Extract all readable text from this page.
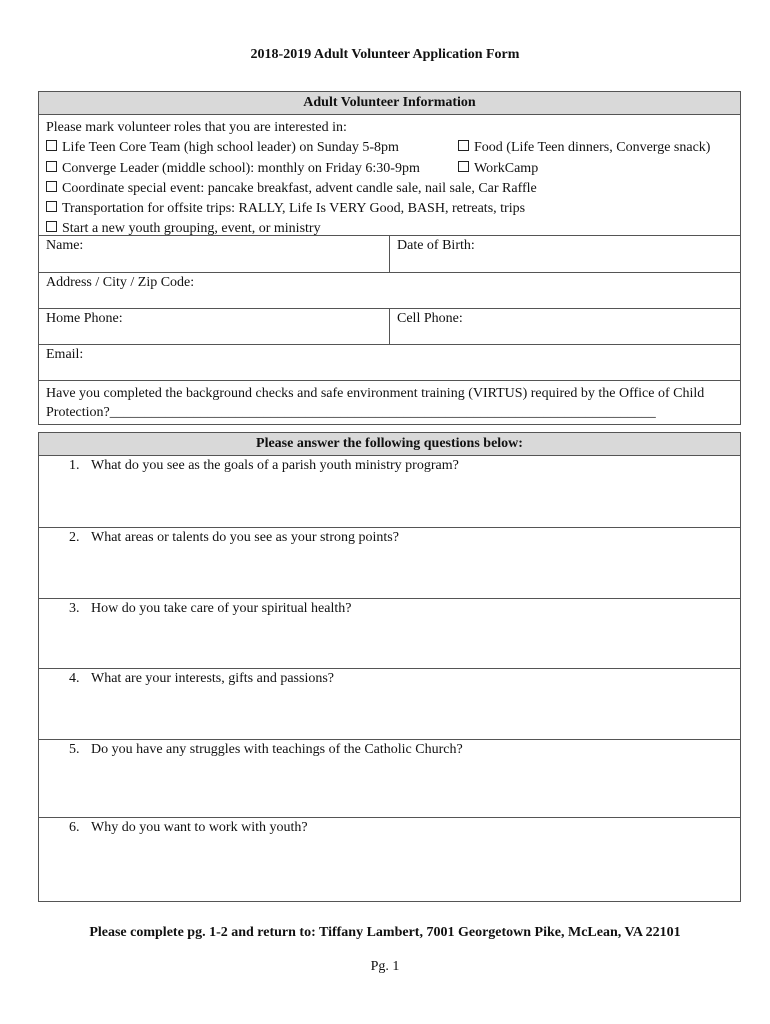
2018-2019 Adult Volunteer Application Form
Adult Volunteer Information
Please mark volunteer roles that you are interested in:
Life Teen Core Team (high school leader) on Sunday 5-8pm	Food (Life Teen dinners, Converge snack)
Converge Leader (middle school): monthly on Friday 6:30-9pm	WorkCamp
Coordinate special event: pancake breakfast, advent candle sale, nail sale, Car Raffle
Transportation for offsite trips: RALLY, Life Is VERY Good, BASH, retreats, trips
Start a new youth grouping, event, or ministry
Name:	Date of Birth:
Address / City / Zip Code:
Home Phone:	Cell Phone:
Email:
Have you completed the background checks and safe environment training (VIRTUS) required by the Office of Child Protection?______________________________________________________________________________
Please answer the following questions below:
1. What do you see as the goals of a parish youth ministry program?
2. What areas or talents do you see as your strong points?
3. How do you take care of your spiritual health?
4. What are your interests, gifts and passions?
5. Do you have any struggles with teachings of the Catholic Church?
6. Why do you want to work with youth?
Please complete pg. 1-2 and return to: Tiffany Lambert, 7001 Georgetown Pike, McLean, VA 22101
Pg. 1
